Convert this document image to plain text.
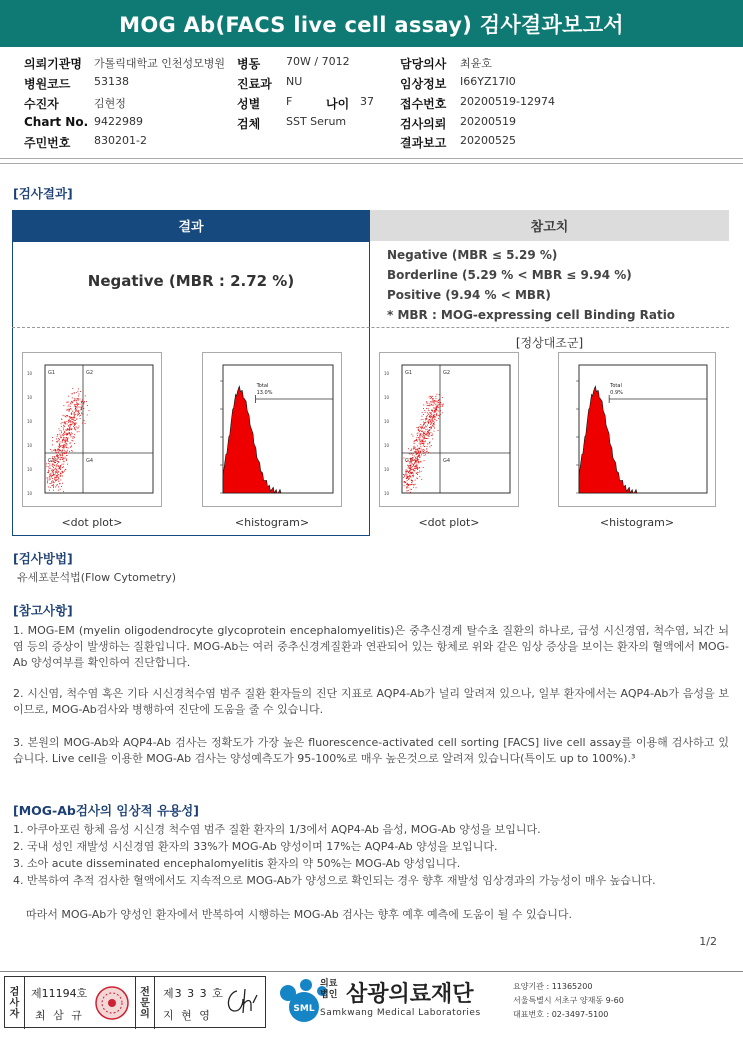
MOG Ab(FACS live cell assay) 검사결과보고서
의뢰기관명 가톨릭대학교 인천성모병원 병동 70W / 7012	담당의사 최윤호
병원코드 53138	진료과 NU	임상정보 I66YZ17I0
수진자	김현정	성별 F	나이 37 접수번호 20200519-12974
Chart No. 9422989	검체 SST Serum	검사의뢰 20200519
주민번호 830201-2	결과보고 20200525
[검사결과]
결과	참고치
Negative (MBR : 2.72 %)
Negative (MBR ≤ 5.29 %)
Borderline (5.29 % < MBR ≤ 9.94 %)
Positive (9.94 % < MBR)
* MBR : MOG-expressing cell Binding Ratio
[정상대조군]
G1	G2
G3	G4
10
10
10
10
10
10
<dot plot>
Total
13.0%
<histogram>
G1	G2
G3	G4
10
10
10
10
10
10
<dot plot>
Total
0.9%
<histogram>
[검사방법]
유세포분석법(Flow Cytometry)
[참고사항]
1. MOG-EM (myelin oligodendrocyte glycoprotein encephalomyelitis)은 중추신경계 탈수초 질환의 하나로, 급성 시신경염, 척수염, 뇌간 뇌염 등의 증상이 발생하는 질환입니다. MOG-Ab는 여러 중추신경계질환과 연관되어 있는 항체로 위와 같은 임상 증상을 보이는 환자의 혈액에서 MOG-Ab 양성여부를 확인하여 진단합니다.
2. 시신염, 척수염 혹은 기타 시신경척수염 범주 질환 환자들의 진단 지표로 AQP4-Ab가 널리 알려져 있으나, 일부 환자에서는 AQP4-Ab가 음성을 보이므로, MOG-Ab검사와 병행하여 진단에 도움을 줄 수 있습니다.
3. 본원의 MOG-Ab와 AQP4-Ab 검사는 정확도가 가장 높은 fluorescence-activated cell sorting [FACS] live cell assay를 이용해 검사하고 있습니다. Live cell을 이용한 MOG-Ab 검사는 양성예측도가 95-100%로 매우 높은것으로 알려져 있습니다(특이도 up to 100%).³
[MOG-Ab검사의 임상적 유용성]
1. 아쿠아포린 항체 음성 시신경 척수염 범주 질환 환자의 1/3에서 AQP4-Ab 음성, MOG-Ab 양성을 보입니다.
2. 국내 성인 재발성 시신경염 환자의 33%가 MOG-Ab 양성이며 17%는 AQP4-Ab 양성을 보입니다.
3. 소아 acute disseminated encephalomyelitis 환자의 약 50%는 MOG-Ab 양성입니다.
4. 반복하여 추적 검사한 혈액에서도 지속적으로 MOG-Ab가 양성으로 확인되는 경우 향후 재발성 임상경과의 가능성이 매우 높습니다.
따라서 MOG-Ab가 양성인 환자에서 반복하여 시행하는 MOG-Ab 검사는 향후 예후 예측에 도움이 될 수 있습니다.
1/2
검
사
자
제11194호
최 삼 규
전
문
의
제3 3 3 호
지 현 영	SML
의료
법인 삼광의료재단
Samkwang Medical Laboratories
요양기관 : 11365200
서울특별시 서초구 양재동 9-60
대표번호 : 02-3497-5100
